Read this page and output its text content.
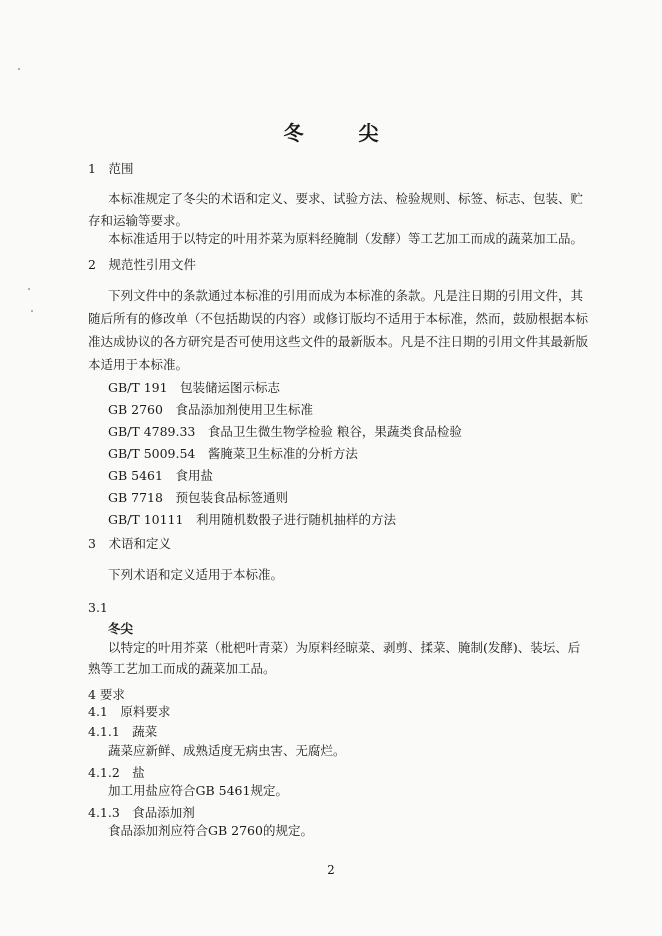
冬 尖
1　范围
本标准规定了冬尖的术语和定义、要求、试验方法、检验规则、标签、标志、包装、贮
存和运输等要求。
本标准适用于以特定的叶用芥菜为原料经腌制（发酵）等工艺加工而成的蔬菜加工品。
2　规范性引用文件
下列文件中的条款通过本标准的引用而成为本标准的条款。凡是注日期的引用文件，其
随后所有的修改单（不包括勘误的内容）或修订版均不适用于本标准，然而，鼓励根据本标
准达成协议的各方研究是否可使用这些文件的最新版本。凡是不注日期的引用文件其最新版
本适用于本标准。
GB/T 191　包装储运图示标志
GB 2760　食品添加剂使用卫生标准
GB/T 4789.33　食品卫生微生物学检验 粮谷，果蔬类食品检验
GB/T 5009.54　酱腌菜卫生标准的分析方法
GB 5461　食用盐
GB 7718　预包装食品标签通则
GB/T 10111　利用随机数骰子进行随机抽样的方法
3　术语和定义
下列术语和定义适用于本标准。
3.1
冬尖
以特定的叶用芥菜（枇杷叶青菜）为原料经晾菜、剥剪、揉菜、腌制(发酵)、装坛、后
熟等工艺加工而成的蔬菜加工品。
4 要求
4.1　原料要求
4.1.1　蔬菜
蔬菜应新鲜、成熟适度无病虫害、无腐烂。
4.1.2　盐
加工用盐应符合GB 5461规定。
4.1.3　食品添加剂
食品添加剂应符合GB 2760的规定。
2
